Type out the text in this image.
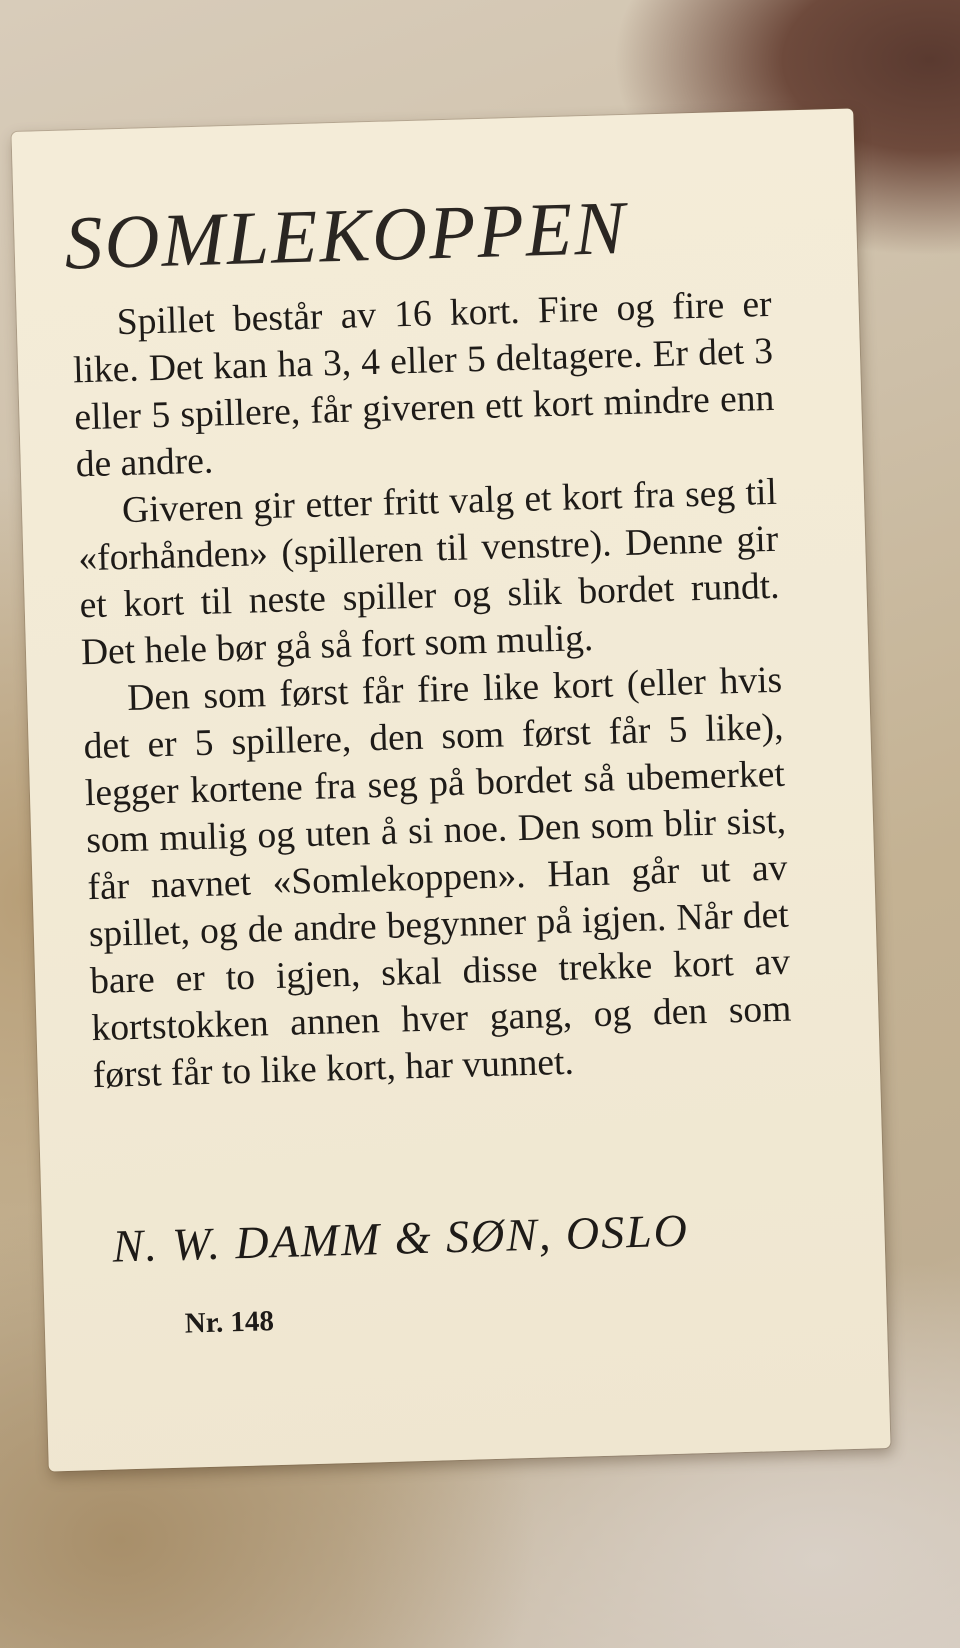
SOMLEKOPPEN

Spillet består av 16 kort. Fire og fire er like. Det kan ha 3, 4 eller 5 deltagere. Er det 3 eller 5 spillere, får giveren ett kort mindre enn de andre.

Giveren gir etter fritt valg et kort fra seg til «forhånden» (spilleren til venstre). Denne gir et kort til neste spiller og slik bordet rundt. Det hele bør gå så fort som mulig.

Den som først får fire like kort (eller hvis det er 5 spillere, den som først får 5 like), legger kortene fra seg på bordet så ubemerket som mulig og uten å si noe. Den som blir sist, får navnet «Somlekoppen». Han går ut av spillet, og de andre begynner på igjen. Når det bare er to igjen, skal disse trekke kort av kortstokken annen hver gang, og den som først får to like kort, har vunnet.

N. W. DAMM & SØN, OSLO

Nr. 148
